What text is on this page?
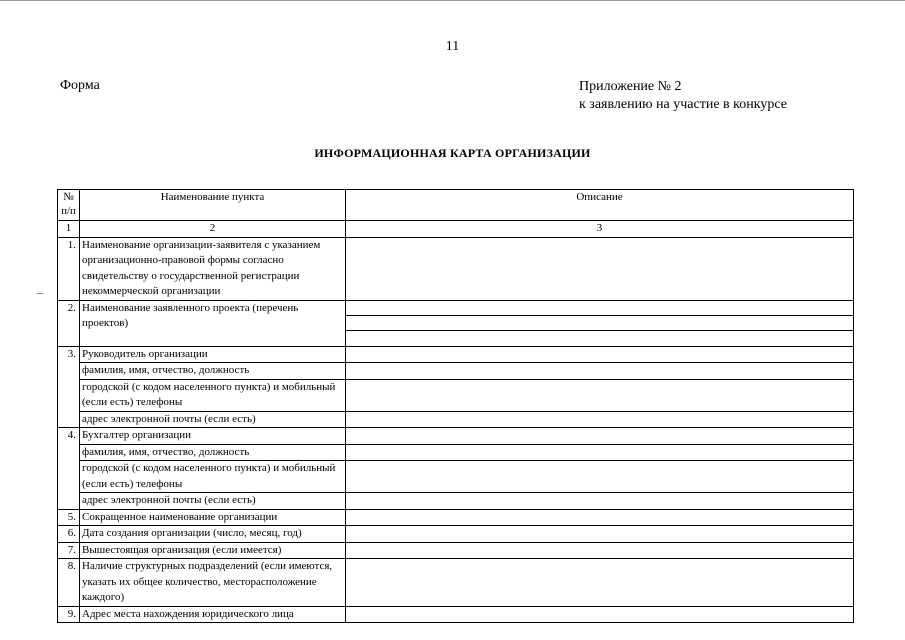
11
Форма	Приложение № 2
к заявлению на участие в конкурсе
ИНФОРМАЦИОННАЯ КАРТА ОРГАНИЗАЦИИ
№
п/п	Наименование пункта	Описание
1	2	3
1.	Наименование организации-заявителя с указанием организационно-правовой формы согласно свидетельству о государственной регистрации некоммерческой организации	
2.	Наименование заявленного проекта (перечень проектов)	

3.	Руководитель организации	
	фамилия, имя, отчество, должность	
	городской (с кодом населенного пункта) и мобильный (если есть) телефоны	
	адрес электронной почты (если есть)	
4.	Бухгалтер организации	
	фамилия, имя, отчество, должность	
	городской (с кодом населенного пункта) и мобильный (если есть) телефоны	
	адрес электронной почты (если есть)	
5.	Сокращенное наименование организации	
6.	Дата создания организации (число, месяц, год)	
7.	Вышестоящая организация (если имеется)	
8.	Наличие структурных подразделений (если имеются, указать их общее количество, месторасположение каждого)	
9.	Адрес места нахождения юридического лица	
